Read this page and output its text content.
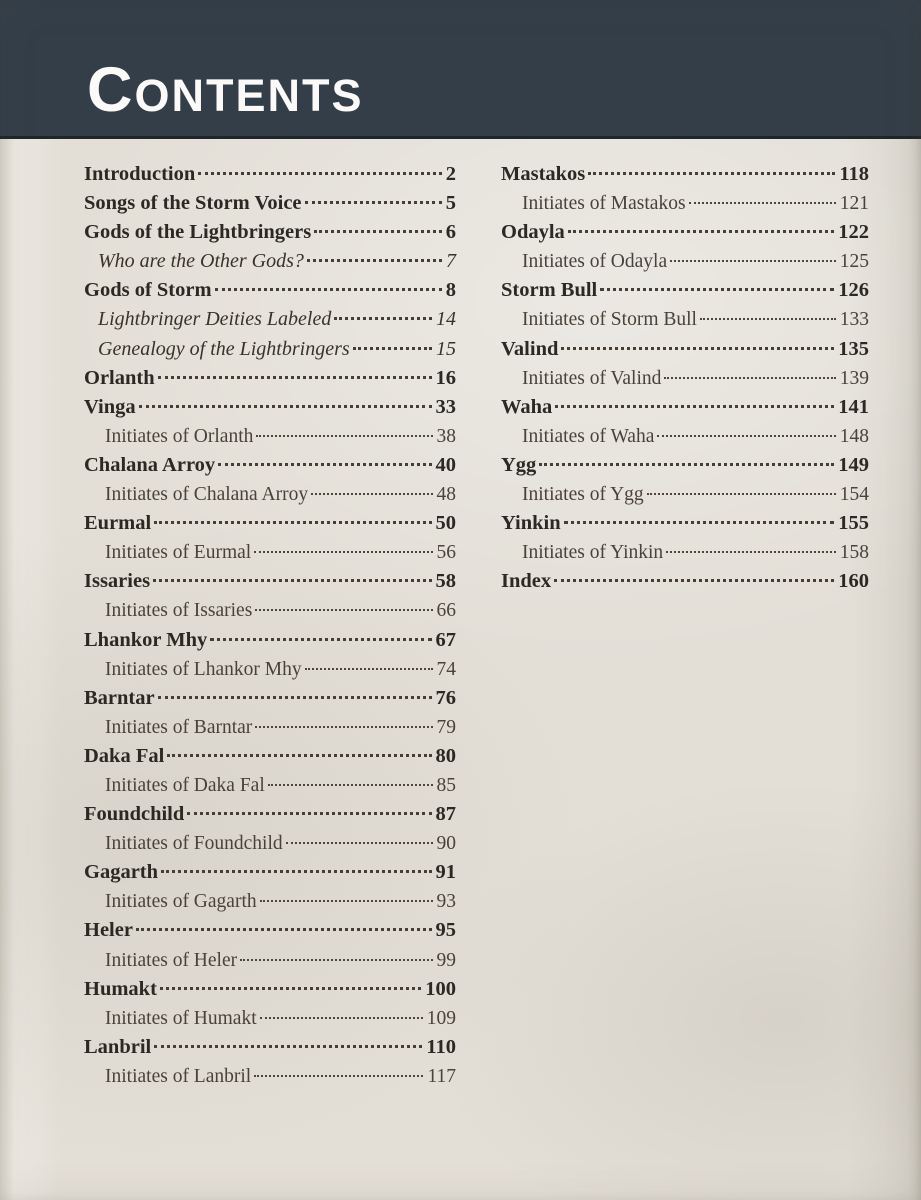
CONTENTS
Introduction	2
Songs of the Storm Voice	5
Gods of the Lightbringers	6
Who are the Other Gods?	7
Gods of Storm	8
Lightbringer Deities Labeled	14
Genealogy of the Lightbringers	15
Orlanth	16
Vinga	33
Initiates of Orlanth	38
Chalana Arroy	40
Initiates of Chalana Arroy	48
Eurmal	50
Initiates of Eurmal	56
Issaries	58
Initiates of Issaries	66
Lhankor Mhy	67
Initiates of Lhankor Mhy	74
Barntar	76
Initiates of Barntar	79
Daka Fal	80
Initiates of Daka Fal	85
Foundchild	87
Initiates of Foundchild	90
Gagarth	91
Initiates of Gagarth	93
Heler	95
Initiates of Heler	99
Humakt	100
Initiates of Humakt	109
Lanbril	110
Initiates of Lanbril	117
Mastakos	118
Initiates of Mastakos	121
Odayla	122
Initiates of Odayla	125
Storm Bull	126
Initiates of Storm Bull	133
Valind	135
Initiates of Valind	139
Waha	141
Initiates of Waha	148
Ygg	149
Initiates of Ygg	154
Yinkin	155
Initiates of Yinkin	158
Index	160
